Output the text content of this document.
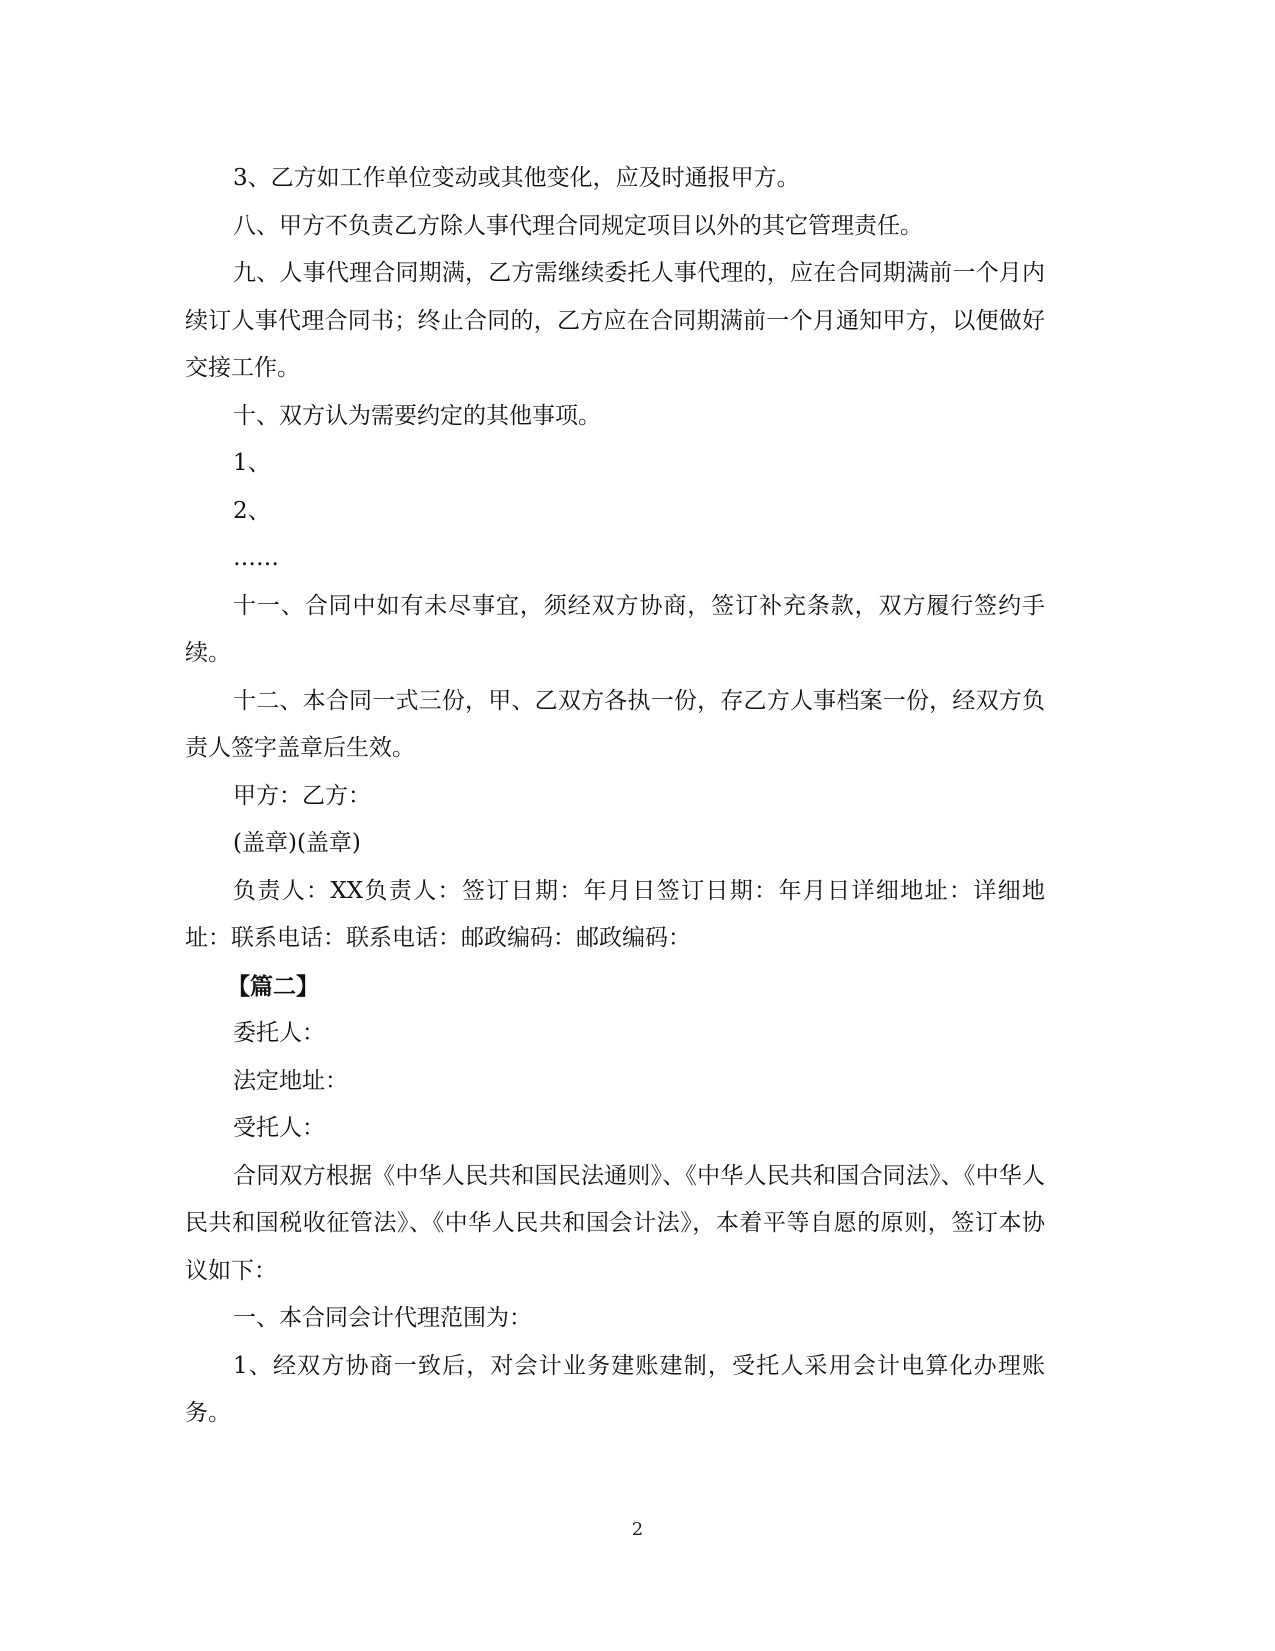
3、乙方如工作单位变动或其他变化，应及时通报甲方。

八、甲方不负责乙方除人事代理合同规定项目以外的其它管理责任。

九、人事代理合同期满，乙方需继续委托人事代理的，应在合同期满前一个月内续订人事代理合同书；终止合同的，乙方应在合同期满前一个月通知甲方，以便做好交接工作。

十、双方认为需要约定的其他事项。

1、

2、

……

十一、合同中如有未尽事宜，须经双方协商，签订补充条款，双方履行签约手续。

十二、本合同一式三份，甲、乙双方各执一份，存乙方人事档案一份，经双方负责人签字盖章后生效。

甲方：乙方：

(盖章)(盖章)

负责人：XX负责人：签订日期：年月日签订日期：年月日详细地址：详细地址：联系电话：联系电话：邮政编码：邮政编码：

【篇二】

委托人：

法定地址：

受托人：

合同双方根据《中华人民共和国民法通则》、《中华人民共和国合同法》、《中华人民共和国税收征管法》、《中华人民共和国会计法》，本着平等自愿的原则，签订本协议如下：

一、本合同会计代理范围为：

1、经双方协商一致后，对会计业务建账建制，受托人采用会计电算化办理账务。

2
